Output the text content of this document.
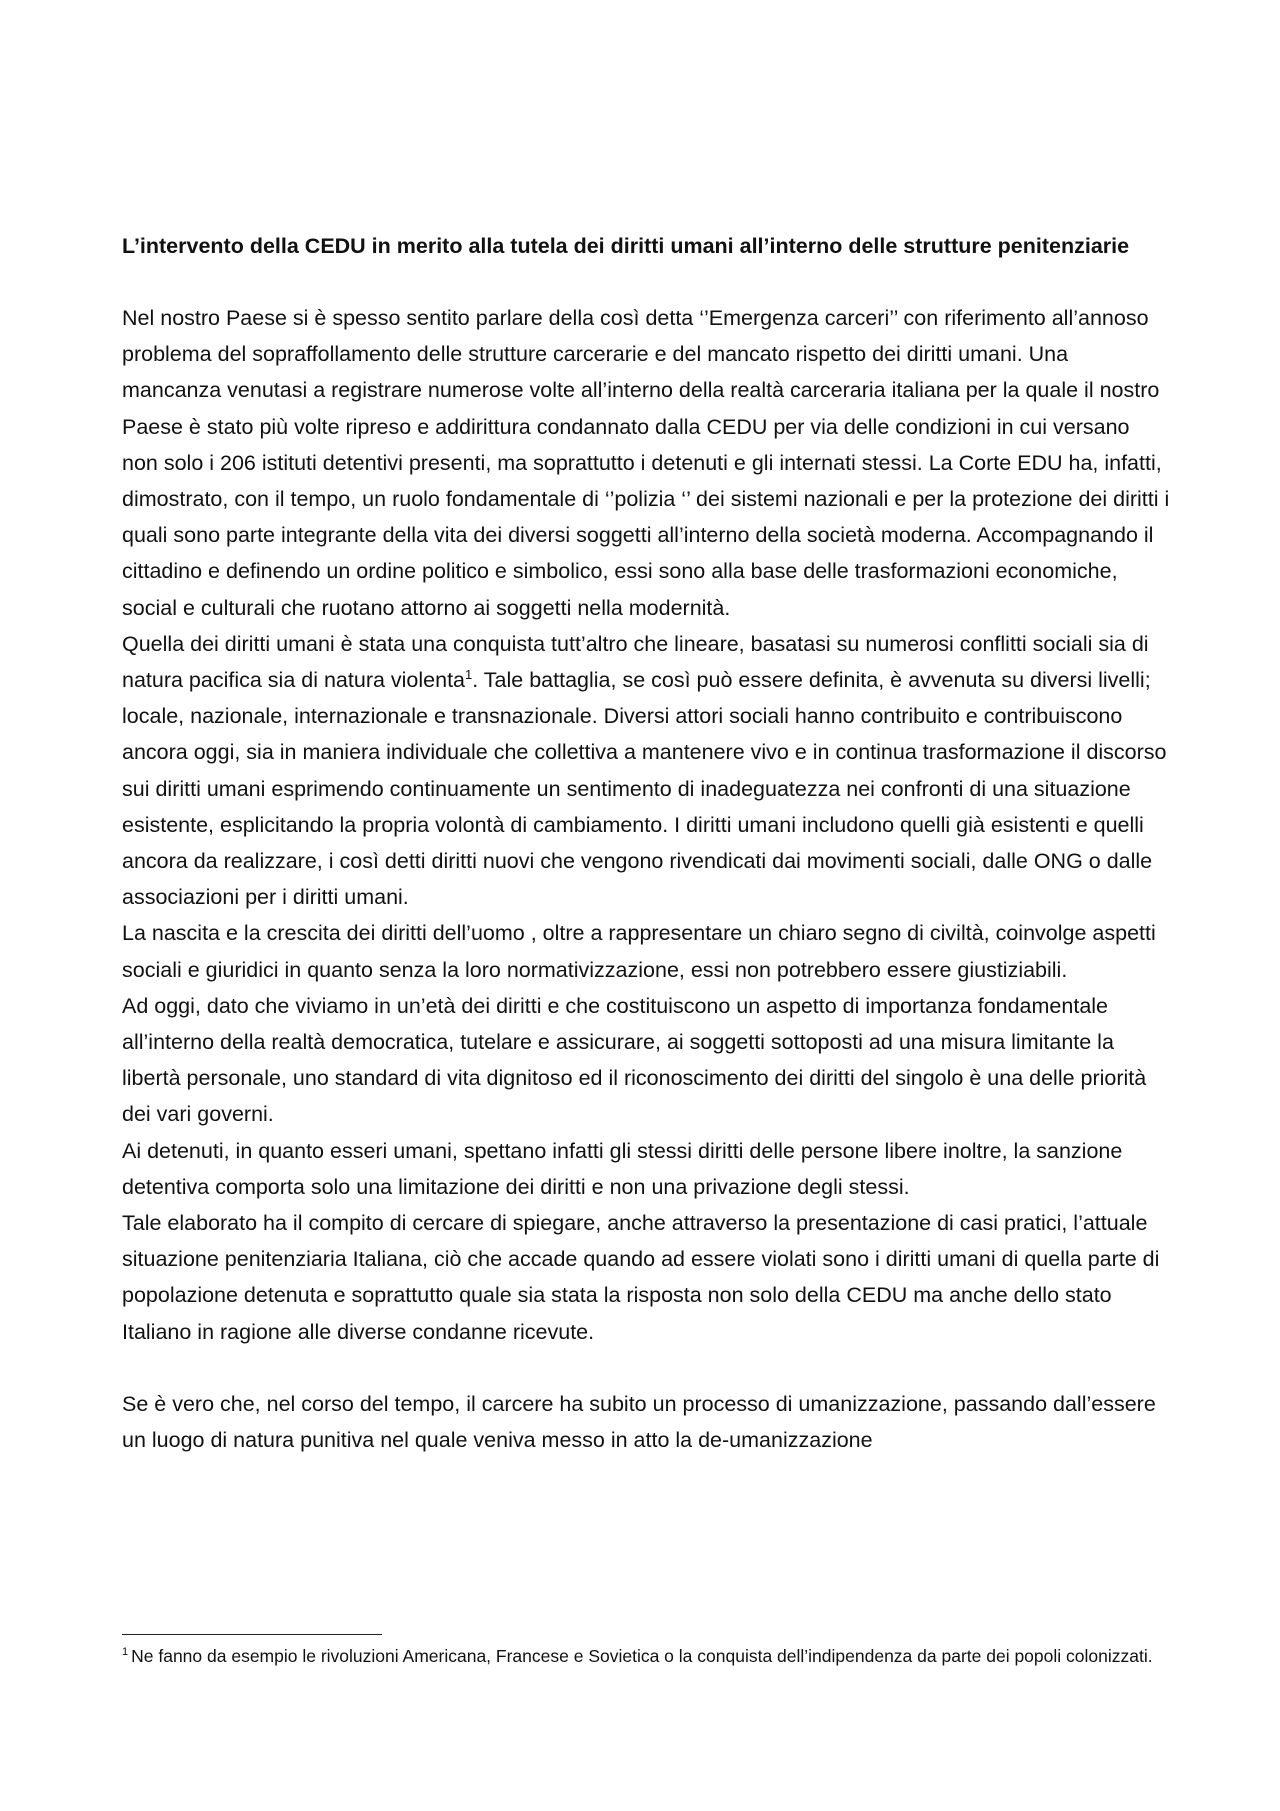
L’intervento della CEDU in merito alla tutela dei diritti umani all’interno delle strutture penitenziarie

Nel nostro Paese si è spesso sentito parlare della così detta ‘’Emergenza carceri’’ con riferimento all’annoso problema del sopraffollamento delle strutture carcerarie e del mancato rispetto dei diritti umani. Una mancanza venutasi a registrare numerose volte all’interno della realtà carceraria italiana per la quale il nostro Paese è stato più volte ripreso e addirittura condannato dalla CEDU per via delle condizioni in cui versano non solo i 206 istituti detentivi presenti, ma soprattutto i detenuti e gli internati stessi. La Corte EDU ha, infatti, dimostrato, con il tempo, un ruolo fondamentale di ‘’polizia ‘’ dei sistemi nazionali e per la protezione dei diritti i quali sono parte integrante della vita dei diversi soggetti all’interno della società moderna. Accompagnando il cittadino e definendo un ordine politico e simbolico, essi sono alla base delle trasformazioni economiche, social e culturali che ruotano attorno ai soggetti nella modernità.

Quella dei diritti umani è stata una conquista tutt’altro che lineare, basatasi su numerosi conflitti sociali sia di natura pacifica sia di natura violenta$^1$. Tale battaglia, se così può essere definita, è avvenuta su diversi livelli; locale, nazionale, internazionale e transnazionale. Diversi attori sociali hanno contribuito e contribuiscono ancora oggi, sia in maniera individuale che collettiva a mantenere vivo e in continua trasformazione il discorso sui diritti umani esprimendo continuamente un sentimento di inadeguatezza nei confronti di una situazione esistente, esplicitando la propria volontà di cambiamento. I diritti umani includono quelli già esistenti e quelli ancora da realizzare, i così detti diritti nuovi che vengono rivendicati dai movimenti sociali, dalle ONG o dalle associazioni per i diritti umani.

La nascita e la crescita dei diritti dell’uomo , oltre a rappresentare un chiaro segno di civiltà, coinvolge aspetti sociali e giuridici in quanto senza la loro normativizzazione, essi non potrebbero essere giustiziabili.

Ad oggi, dato che viviamo in un’età dei diritti e che costituiscono un aspetto di importanza fondamentale all’interno della realtà democratica, tutelare e assicurare, ai soggetti sottoposti ad una misura limitante la libertà personale, uno standard di vita dignitoso ed il riconoscimento dei diritti del singolo è una delle priorità dei vari governi.

Ai detenuti, in quanto esseri umani, spettano infatti gli stessi diritti delle persone libere inoltre, la sanzione detentiva comporta solo una limitazione dei diritti e non una privazione degli stessi.

Tale elaborato ha il compito di cercare di spiegare, anche attraverso la presentazione di casi pratici, l’attuale situazione penitenziaria Italiana, ciò che accade quando ad essere violati sono i diritti umani di quella parte di popolazione detenuta e soprattutto quale sia stata la risposta non solo della CEDU ma anche dello stato Italiano in ragione alle diverse condanne ricevute.

Se è vero che, nel corso del tempo, il carcere ha subito un processo di umanizzazione, passando dall’essere un luogo di natura punitiva nel quale veniva messo in atto la de-umanizzazione

$^1$ Ne fanno da esempio le rivoluzioni Americana, Francese e Sovietica o la conquista dell’indipendenza da parte dei popoli colonizzati.
